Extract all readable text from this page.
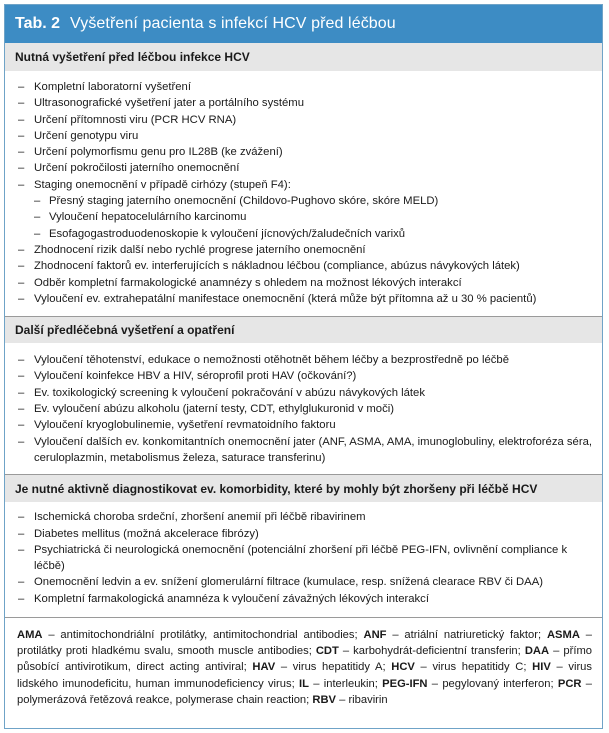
Tab. 2 Vyšetření pacienta s infekcí HCV před léčbou
Nutná vyšetření před léčbou infekce HCV
– Kompletní laboratorní vyšetření
– Ultrasonografické vyšetření jater a portálního systému
– Určení přítomnosti viru (PCR HCV RNA)
– Určení genotypu viru
– Určení polymorfismu genu pro IL28B (ke zvážení)
– Určení pokročilosti jaterního onemocnění
– Staging onemocnění v případě cirhózy (stupeň F4):
– Přesný staging jaterního onemocnění (Childovo-Pughovo skóre, skóre MELD)
– Vyloučení hepatocelulárního karcinomu
– Esofagogastroduodenoskopie k vyloučení jícnových/žaludečních varixů
– Zhodnocení rizik další nebo rychlé progrese jaterního onemocnění
– Zhodnocení faktorů ev. interferujících s nákladnou léčbou (compliance, abúzus návykových látek)
– Odběr kompletní farmakologické anamnézy s ohledem na možnost lékových interakcí
– Vyloučení ev. extrahepatální manifestace onemocnění (která může být přítomna až u 30 % pacientů)
Další předléčebná vyšetření a opatření
– Vyloučení těhotenství, edukace o nemožnosti otěhotnět během léčby a bezprostředně po léčbě
– Vyloučení koinfekce HBV a HIV, séroprofil proti HAV (očkování?)
– Ev. toxikologický screening k vyloučení pokračování v abúzu návykových látek
– Ev. vyloučení abúzu alkoholu (jaterní testy, CDT, ethylglukuronid v moči)
– Vyloučení kryoglobulinemie, vyšetření revmatoidního faktoru
– Vyloučení dalších ev. konkomitantních onemocnění jater (ANF, ASMA, AMA, imunoglobuliny, elektroforéza séra, ceruloplazmin, metabolismus železa, saturace transferinu)
Je nutné aktivně diagnostikovat ev. komorbidity, které by mohly být zhoršeny při léčbě HCV
– Ischemická choroba srdeční, zhoršení anemií při léčbě ribavirinem
– Diabetes mellitus (možná akcelerace fibrózy)
– Psychiatrická či neurologická onemocnění (potenciální zhoršení při léčbě PEG-IFN, ovlivnění compliance k léčbě)
– Onemocnění ledvin a ev. snížení glomerulární filtrace (kumulace, resp. snížená clearace RBV či DAA)
– Kompletní farmakologická anamnéza k vyloučení závažných lékových interakcí
AMA – antimitochondriální protilátky, antimitochondrial antibodies; ANF – atriální natriuretický faktor; ASMA – protilátky proti hladkému svalu, smooth muscle antibodies; CDT – karbohydrát-deficientní transferin; DAA – přímo působící antivirotikum, direct acting antiviral; HAV – virus hepatitidy A; HCV – virus hepatitidy C; HIV – virus lidského imunodeficitu, human immunodeficiency virus; IL – interleukin; PEG-IFN – pegylovaný interferon; PCR – polymerázová řetězová reakce, polymerase chain reaction; RBV – ribavirin
